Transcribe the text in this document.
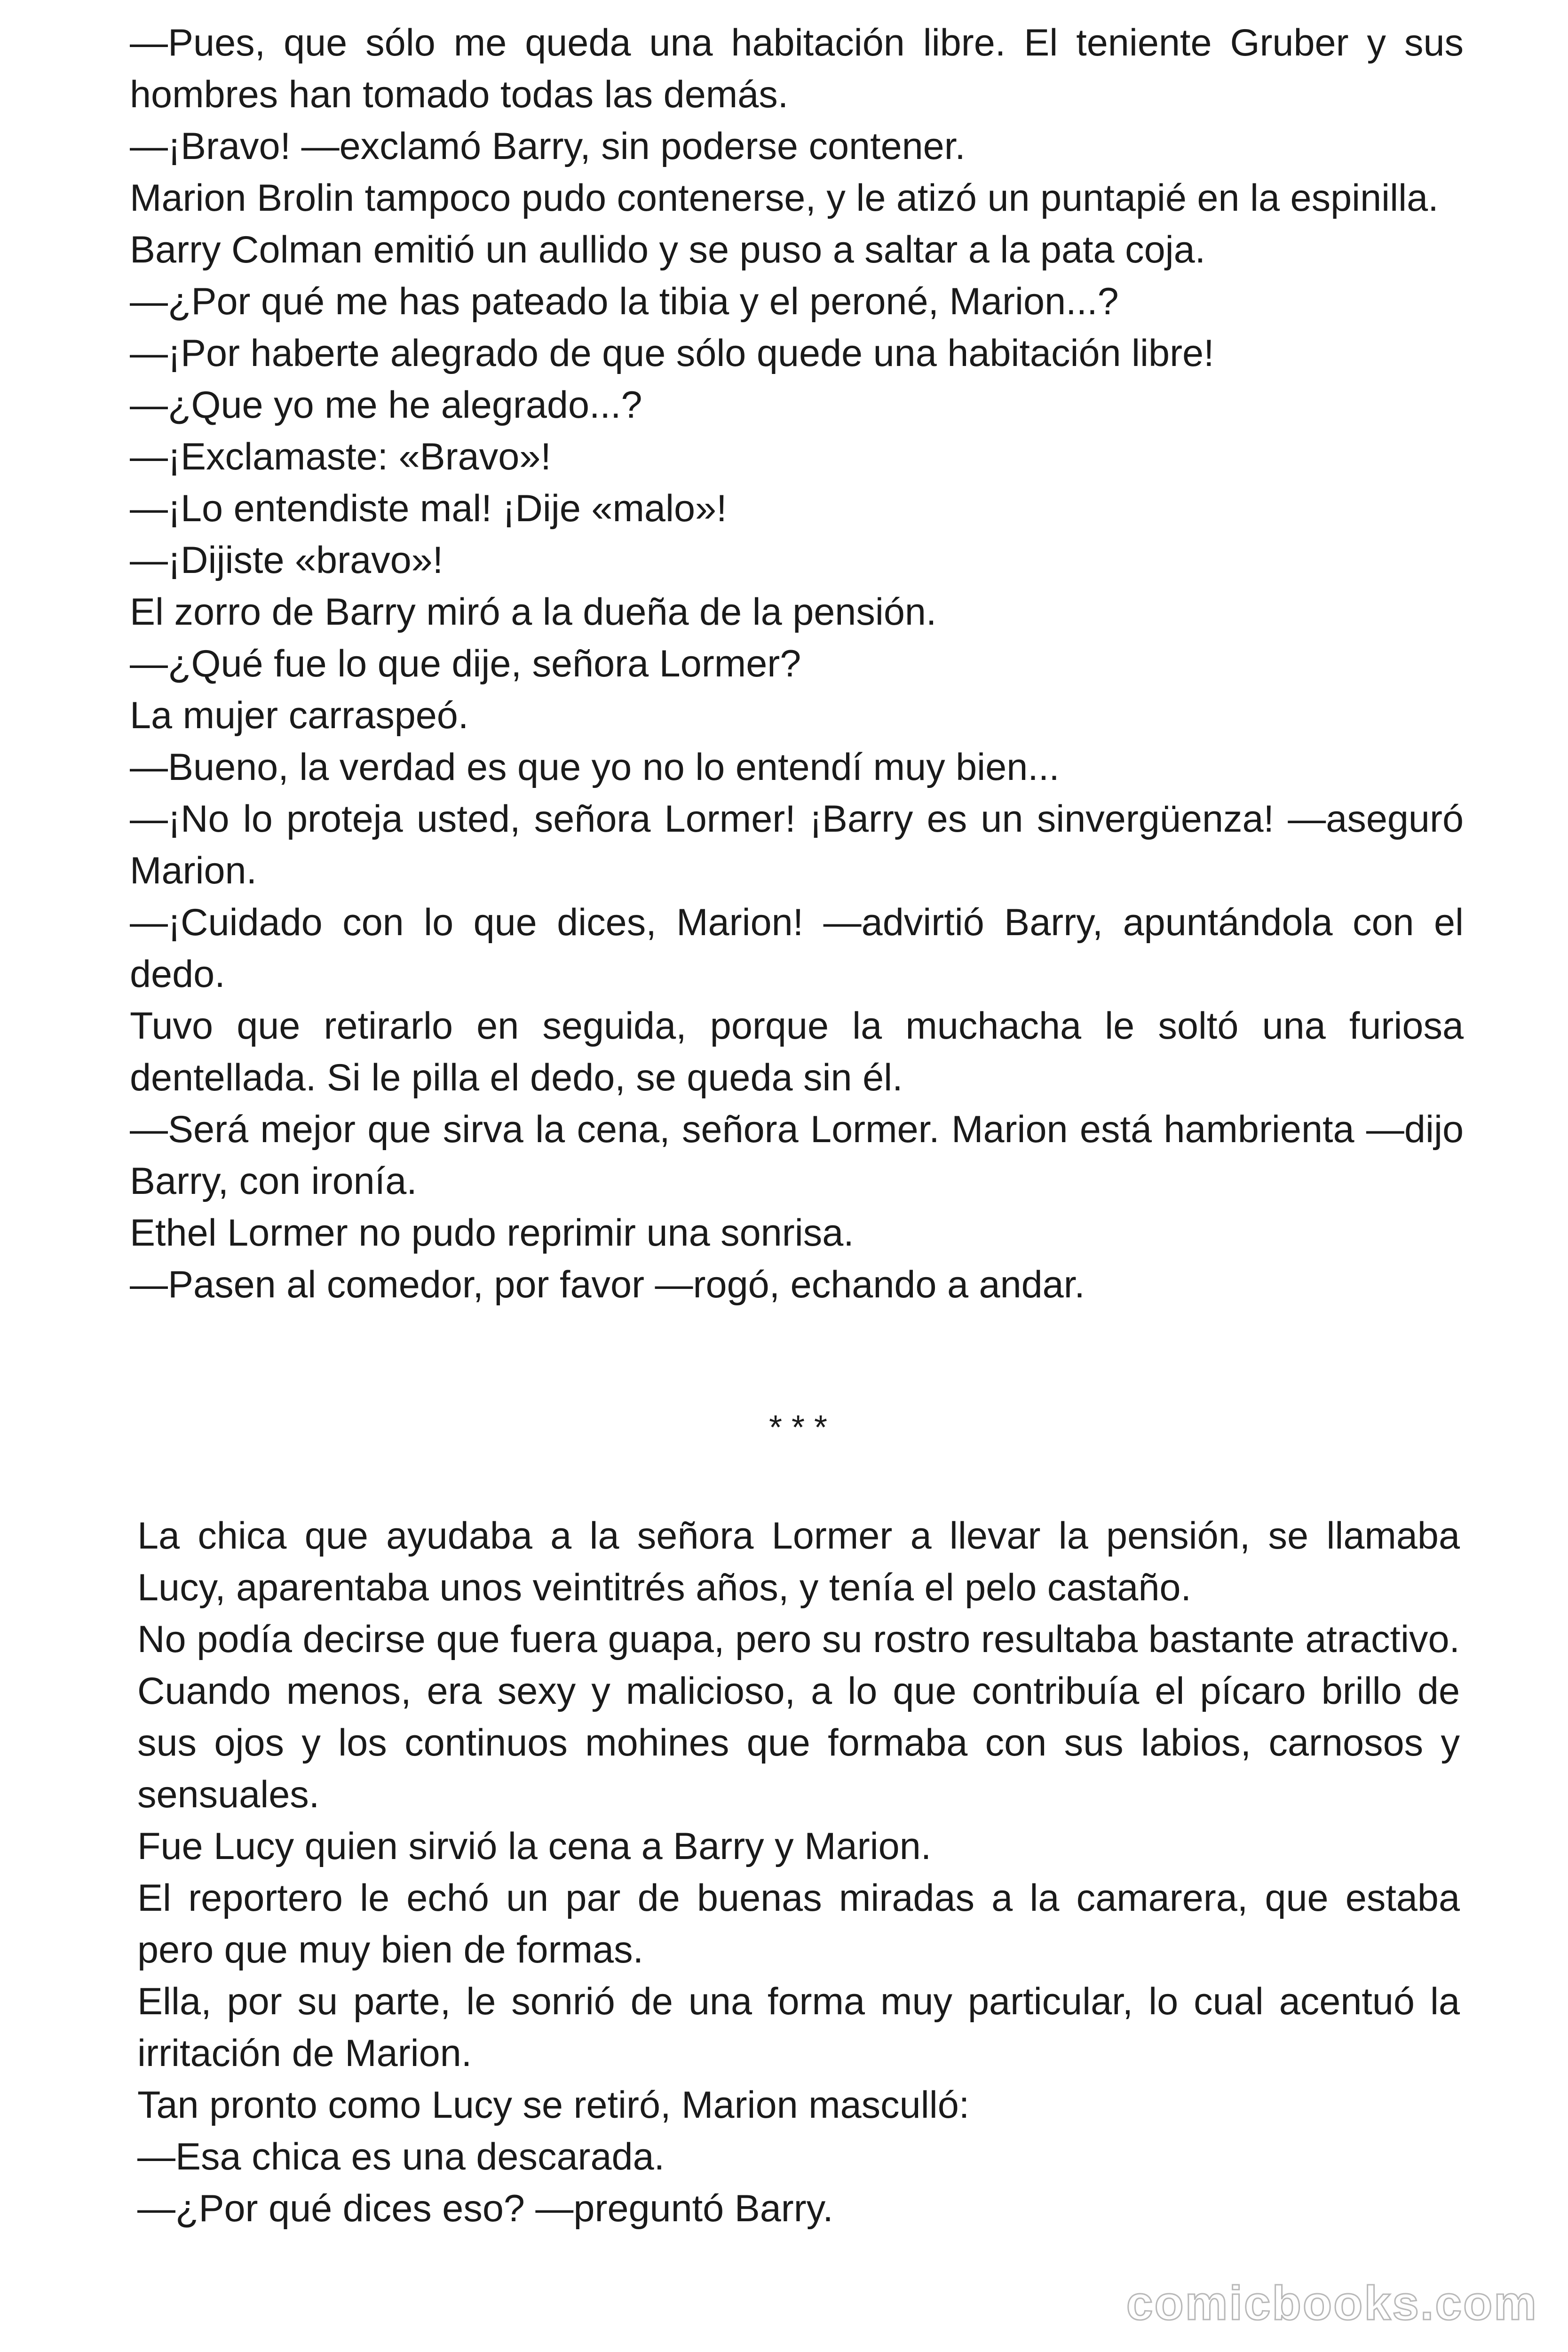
—Pues, que sólo me queda una habitación libre. El teniente Gruber y sus hombres han tomado todas las demás.

—¡Bravo! —exclamó Barry, sin poderse contener.

Marion Brolin tampoco pudo contenerse, y le atizó un puntapié en la espinilla.

Barry Colman emitió un aullido y se puso a saltar a la pata coja.

—¿Por qué me has pateado la tibia y el peroné, Marion...?

—¡Por haberte alegrado de que sólo quede una habitación libre!

—¿Que yo me he alegrado...?

—¡Exclamaste: «Bravo»!

—¡Lo entendiste mal! ¡Dije «malo»!

—¡Dijiste «bravo»!

El zorro de Barry miró a la dueña de la pensión.

—¿Qué fue lo que dije, señora Lormer?

La mujer carraspeó.

—Bueno, la verdad es que yo no lo entendí muy bien...

—¡No lo proteja usted, señora Lormer! ¡Barry es un sinvergüenza! —aseguró Marion.

—¡Cuidado con lo que dices, Marion! —advirtió Barry, apuntándola con el dedo.

Tuvo que retirarlo en seguida, porque la muchacha le soltó una furiosa dentellada. Si le pilla el dedo, se queda sin él.

—Será mejor que sirva la cena, señora Lormer. Marion está hambrienta —dijo Barry, con ironía.

Ethel Lormer no pudo reprimir una sonrisa.

—Pasen al comedor, por favor —rogó, echando a andar.

* * *

La chica que ayudaba a la señora Lormer a llevar la pensión, se llamaba Lucy, aparentaba unos veintitrés años, y tenía el pelo castaño.

No podía decirse que fuera guapa, pero su rostro resultaba bastante atractivo. Cuando menos, era sexy y malicioso, a lo que contribuía el pícaro brillo de sus ojos y los continuos mohines que formaba con sus labios, carnosos y sensuales.

Fue Lucy quien sirvió la cena a Barry y Marion.

El reportero le echó un par de buenas miradas a la camarera, que estaba pero que muy bien de formas.

Ella, por su parte, le sonrió de una forma muy particular, lo cual acentuó la irritación de Marion.

Tan pronto como Lucy se retiró, Marion masculló:

—Esa chica es una descarada.

—¿Por qué dices eso? —preguntó Barry.

comicbooks.com
